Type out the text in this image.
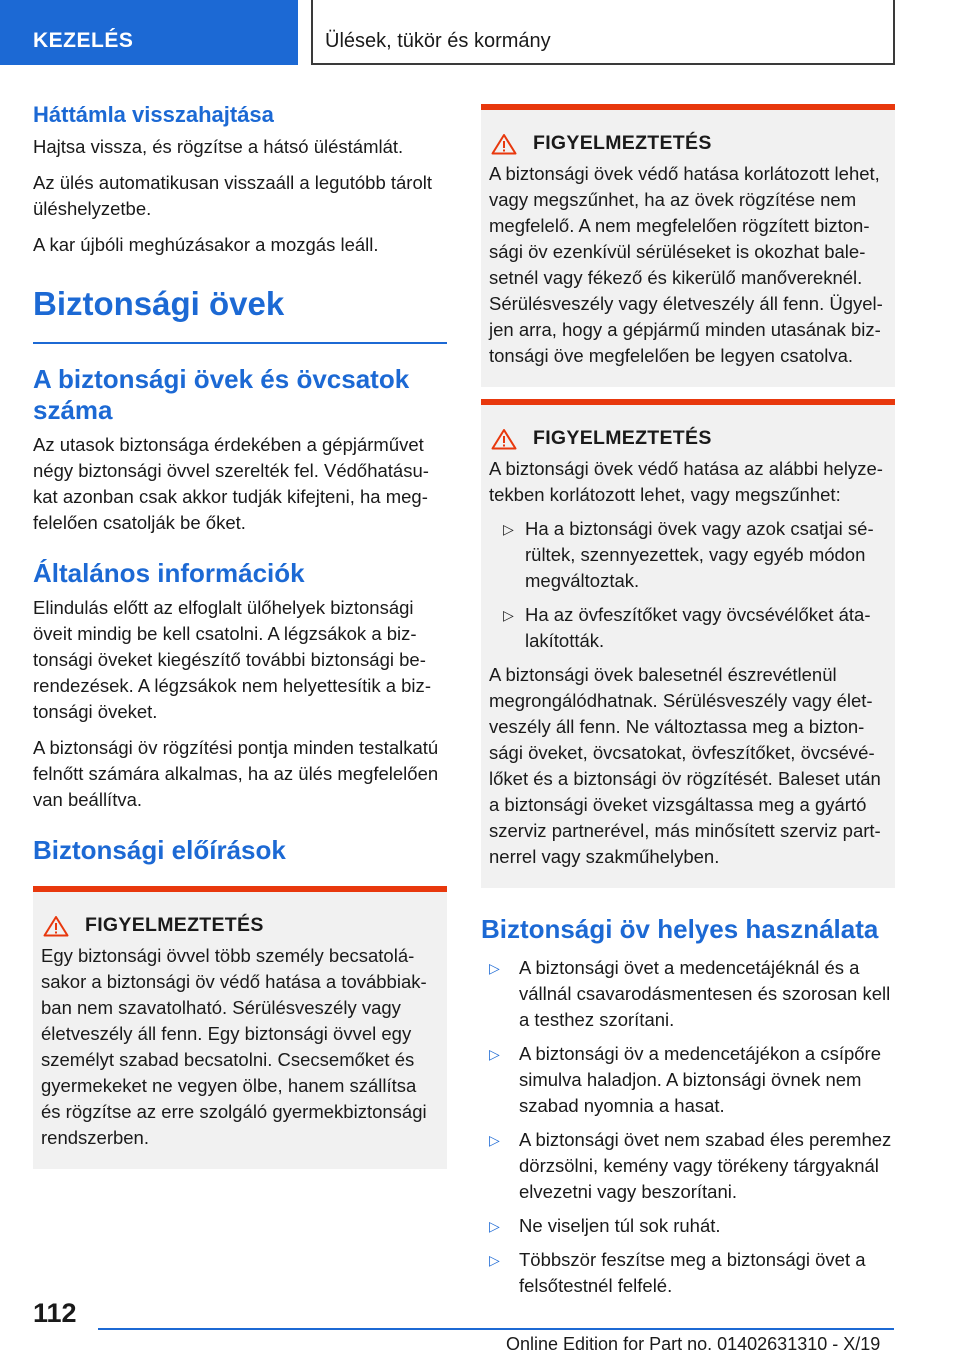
KEZELÉS	Ülések, tükör és kormány
Háttámla visszahajtása

Hajtsa vissza, és rögzítse a hátsó üléstámlát.

Az ülés automatikusan visszaáll a legutóbb tárolt üléshelyzetbe.

A kar újbóli meghúzásakor a mozgás leáll.

Biztonsági övek
A biztonsági övek és övcsatok száma

Az utasok biztonsága érdekében a gépjárművet négy biztonsági övvel szerelték fel. Védőhatásukat azonban csak akkor tudják kifejteni, ha megfelelően csatolják be őket.

Általános információk

Elindulás előtt az elfoglalt ülőhelyek biztonsági öveit mindig be kell csatolni. A légzsákok a biztonsági öveket kiegészítő további biztonsági berendezések. A légzsákok nem helyettesítik a biztonsági öveket.

A biztonsági öv rögzítési pontja minden testalkatú felnőtt számára alkalmas, ha az ülés megfelelően van beállítva.

Biztonsági előírások
FIGYELMEZTETÉS

Egy biztonsági övvel több személy becsatolásakor a biztonsági öv védő hatása a továbbiakban nem szavatolható. Sérülésveszély vagy életveszély áll fenn. Egy biztonsági övvel egy személyt szabad becsatolni. Csecsemőket és gyermekeket ne vegyen ölbe, hanem szállítsa és rögzítse az erre szolgáló gyermekbiztonsági rendszerben.

FIGYELMEZTETÉS

A biztonsági övek védő hatása korlátozott lehet, vagy megszűnhet, ha az övek rögzítése nem megfelelő. A nem megfelelően rögzített biztonsági öv ezenkívül sérüléseket is okozhat balesetnél vagy fékező és kikerülő manővereknél. Sérülésveszély vagy életveszély áll fenn. Ügyeljen arra, hogy a gépjármű minden utasának biztonsági öve megfelelően be legyen csatolva.

FIGYELMEZTETÉS

A biztonsági övek védő hatása az alábbi helyzetekben korlátozott lehet, vagy megszűnhet:

▷ Ha a biztonsági övek vagy azok csatjai sérültek, szennyezettek, vagy egyéb módon megváltoztak.
▷ Ha az övfeszítőket vagy övcsévélőket átalakították.

A biztonsági övek balesetnél észrevétlenül megrongálódhatnak. Sérülésveszély vagy életveszély áll fenn. Ne változtassa meg a biztonsági öveket, övcsatokat, övfeszítőket, övcsévélőket és a biztonsági öv rögzítését. Baleset után a biztonsági öveket vizsgáltassa meg a gyártó szerviz partnerével, más minősített szerviz partnerrel vagy szakműhelyben.

Biztonsági öv helyes használata
▷ A biztonsági övet a medencetájéknál és a vállnál csavarodásmentesen és szorosan kell a testhez szorítani.
▷ A biztonsági öv a medencetájékon a csípőre simulva haladjon. A biztonsági övnek nem szabad nyomnia a hasat.
▷ A biztonsági övet nem szabad éles peremhez dörzsölni, kemény vagy törékeny tárgyaknál elvezetni vagy beszorítani.
▷ Ne viseljen túl sok ruhát.
▷ Többször feszítse meg a biztonsági övet a felsőtestnél felfelé.
112
Online Edition for Part no. 01402631310 - X/19
